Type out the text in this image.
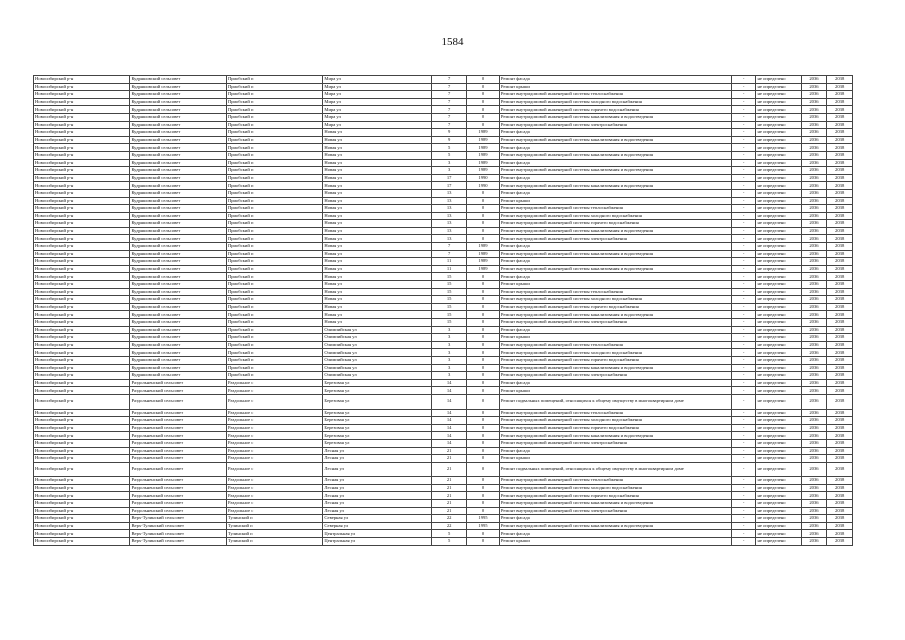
1584
Новосибирский р-н	Кудряшовский сельсовет	Приобский п	Мира ул	7	0	Ремонт фасада	-	не определено	2036	2038
Новосибирский р-н	Кудряшовский сельсовет	Приобский п	Мира ул	7	0	Ремонт крыши	-	не определено	2036	2038
Новосибирский р-н	Кудряшовский сельсовет	Приобский п	Мира ул	7	0	Ремонт внутридомовой инженерной системы теплоснабжения	-	не определено	2036	2038
Новосибирский р-н	Кудряшовский сельсовет	Приобский п	Мира ул	7	0	Ремонт внутридомовой инженерной системы холодного водоснабжения	-	не определено	2036	2038
Новосибирский р-н	Кудряшовский сельсовет	Приобский п	Мира ул	7	0	Ремонт внутридомовой инженерной системы горячего водоснабжения	-	не определено	2036	2038
Новосибирский р-н	Кудряшовский сельсовет	Приобский п	Мира ул	7	0	Ремонт внутридомовой инженерной системы канализования и водоотведения	-	не определено	2036	2038
Новосибирский р-н	Кудряшовский сельсовет	Приобский п	Мира ул	7	0	Ремонт внутридомовой инженерной системы электроснабжения	-	не определено	2036	2038
Новосибирский р-н	Кудряшовский сельсовет	Приобский п	Новая ул	9	1989	Ремонт фасада	-	не определено	2036	2038
Новосибирский р-н	Кудряшовский сельсовет	Приобский п	Новая ул	9	1989	Ремонт внутридомовой инженерной системы канализования и водоотведения	-	не определено	2036	2038
Новосибирский р-н	Кудряшовский сельсовет	Приобский п	Новая ул	5	1989	Ремонт фасада	-	не определено	2036	2038
Новосибирский р-н	Кудряшовский сельсовет	Приобский п	Новая ул	5	1989	Ремонт внутридомовой инженерной системы канализования и водоотведения	-	не определено	2036	2038
Новосибирский р-н	Кудряшовский сельсовет	Приобский п	Новая ул	3	1989	Ремонт фасада	-	не определено	2036	2038
Новосибирский р-н	Кудряшовский сельсовет	Приобский п	Новая ул	3	1989	Ремонт внутридомовой инженерной системы канализования и водоотведения	-	не определено	2036	2038
Новосибирский р-н	Кудряшовский сельсовет	Приобский п	Новая ул	17	1990	Ремонт фасада	-	не определено	2036	2038
Новосибирский р-н	Кудряшовский сельсовет	Приобский п	Новая ул	17	1990	Ремонт внутридомовой инженерной системы канализования и водоотведения	-	не определено	2036	2038
Новосибирский р-н	Кудряшовский сельсовет	Приобский п	Новая ул	13	0	Ремонт фасада	-	не определено	2036	2038
Новосибирский р-н	Кудряшовский сельсовет	Приобский п	Новая ул	13	0	Ремонт крыши	-	не определено	2036	2038
Новосибирский р-н	Кудряшовский сельсовет	Приобский п	Новая ул	13	0	Ремонт внутридомовой инженерной системы теплоснабжения	-	не определено	2036	2038
Новосибирский р-н	Кудряшовский сельсовет	Приобский п	Новая ул	13	0	Ремонт внутридомовой инженерной системы холодного водоснабжения	-	не определено	2036	2038
Новосибирский р-н	Кудряшовский сельсовет	Приобский п	Новая ул	13	0	Ремонт внутридомовой инженерной системы горячего водоснабжения	-	не определено	2036	2038
Новосибирский р-н	Кудряшовский сельсовет	Приобский п	Новая ул	13	0	Ремонт внутридомовой инженерной системы канализования и водоотведения	-	не определено	2036	2038
Новосибирский р-н	Кудряшовский сельсовет	Приобский п	Новая ул	13	0	Ремонт внутридомовой инженерной системы электроснабжения	-	не определено	2036	2038
Новосибирский р-н	Кудряшовский сельсовет	Приобский п	Новая ул	7	1989	Ремонт фасада	-	не определено	2036	2038
Новосибирский р-н	Кудряшовский сельсовет	Приобский п	Новая ул	7	1989	Ремонт внутридомовой инженерной системы канализования и водоотведения	-	не определено	2036	2038
Новосибирский р-н	Кудряшовский сельсовет	Приобский п	Новая ул	11	1989	Ремонт фасада	-	не определено	2036	2038
Новосибирский р-н	Кудряшовский сельсовет	Приобский п	Новая ул	11	1989	Ремонт внутридомовой инженерной системы канализования и водоотведения	-	не определено	2036	2038
Новосибирский р-н	Кудряшовский сельсовет	Приобский п	Новая ул	15	0	Ремонт фасада	-	не определено	2036	2038
Новосибирский р-н	Кудряшовский сельсовет	Приобский п	Новая ул	15	0	Ремонт крыши	-	не определено	2036	2038
Новосибирский р-н	Кудряшовский сельсовет	Приобский п	Новая ул	15	0	Ремонт внутридомовой инженерной системы теплоснабжения	-	не определено	2036	2038
Новосибирский р-н	Кудряшовский сельсовет	Приобский п	Новая ул	15	0	Ремонт внутридомовой инженерной системы холодного водоснабжения	-	не определено	2036	2038
Новосибирский р-н	Кудряшовский сельсовет	Приобский п	Новая ул	15	0	Ремонт внутридомовой инженерной системы горячего водоснабжения	-	не определено	2036	2038
Новосибирский р-н	Кудряшовский сельсовет	Приобский п	Новая ул	15	0	Ремонт внутридомовой инженерной системы канализования и водоотведения	-	не определено	2036	2038
Новосибирский р-н	Кудряшовский сельсовет	Приобский п	Новая ул	15	0	Ремонт внутридомовой инженерной системы электроснабжения	-	не определено	2036	2038
Новосибирский р-н	Кудряшовский сельсовет	Приобский п	Олимпийская ул	3	0	Ремонт фасада	-	не определено	2036	2038
Новосибирский р-н	Кудряшовский сельсовет	Приобский п	Олимпийская ул	3	0	Ремонт крыши	-	не определено	2036	2038
Новосибирский р-н	Кудряшовский сельсовет	Приобский п	Олимпийская ул	3	0	Ремонт внутридомовой инженерной системы теплоснабжения	-	не определено	2036	2038
Новосибирский р-н	Кудряшовский сельсовет	Приобский п	Олимпийская ул	3	0	Ремонт внутридомовой инженерной системы холодного водоснабжения	-	не определено	2036	2038
Новосибирский р-н	Кудряшовский сельсовет	Приобский п	Олимпийская ул	3	0	Ремонт внутридомовой инженерной системы горячего водоснабжения	-	не определено	2036	2038
Новосибирский р-н	Кудряшовский сельсовет	Приобский п	Олимпийская ул	3	0	Ремонт внутридомовой инженерной системы канализования и водоотведения	-	не определено	2036	2038
Новосибирский р-н	Кудряшовский сельсовет	Приобский п	Олимпийская ул	3	0	Ремонт внутридомовой инженерной системы электроснабжения	-	не определено	2036	2038
Новосибирский р-н	Раздольненский сельсовет	Раздольное с	Березовая ул	14	0	Ремонт фасада	-	не определено	2036	2038
Новосибирский р-н	Раздольненский сельсовет	Раздольное с	Березовая ул	14	0	Ремонт крыши	-	не определено	2036	2038
Новосибирский р-н	Раздольненский сельсовет	Раздольное с	Березовая ул	14	0	Ремонт подвальных помещений, относящихся к общему имуществу в многоквартирном доме	-	не определено	2036	2038
Новосибирский р-н	Раздольненский сельсовет	Раздольное с	Березовая ул	14	0	Ремонт внутридомовой инженерной системы теплоснабжения	-	не определено	2036	2038
Новосибирский р-н	Раздольненский сельсовет	Раздольное с	Березовая ул	14	0	Ремонт внутридомовой инженерной системы холодного водоснабжения	-	не определено	2036	2038
Новосибирский р-н	Раздольненский сельсовет	Раздольное с	Березовая ул	14	0	Ремонт внутридомовой инженерной системы горячего водоснабжения	-	не определено	2036	2038
Новосибирский р-н	Раздольненский сельсовет	Раздольное с	Березовая ул	14	0	Ремонт внутридомовой инженерной системы канализования и водоотведения	-	не определено	2036	2038
Новосибирский р-н	Раздольненский сельсовет	Раздольное с	Березовая ул	14	0	Ремонт внутридомовой инженерной системы электроснабжения	-	не определено	2036	2038
Новосибирский р-н	Раздольненский сельсовет	Раздольное с	Лесная ул	21	0	Ремонт фасада	-	не определено	2036	2038
Новосибирский р-н	Раздольненский сельсовет	Раздольное с	Лесная ул	21	0	Ремонт крыши	-	не определено	2036	2038
Новосибирский р-н	Раздольненский сельсовет	Раздольное с	Лесная ул	21	0	Ремонт подвальных помещений, относящихся к общему имуществу в многоквартирном доме	-	не определено	2036	2038
Новосибирский р-н	Раздольненский сельсовет	Раздольное с	Лесная ул	21	0	Ремонт внутридомовой инженерной системы теплоснабжения	-	не определено	2036	2038
Новосибирский р-н	Раздольненский сельсовет	Раздольное с	Лесная ул	21	0	Ремонт внутридомовой инженерной системы холодного водоснабжения	-	не определено	2036	2038
Новосибирский р-н	Раздольненский сельсовет	Раздольное с	Лесная ул	21	0	Ремонт внутридомовой инженерной системы горячего водоснабжения	-	не определено	2036	2038
Новосибирский р-н	Раздольненский сельсовет	Раздольное с	Лесная ул	21	0	Ремонт внутридомовой инженерной системы канализования и водоотведения	-	не определено	2036	2038
Новосибирский р-н	Раздольненский сельсовет	Раздольное с	Лесная ул	21	0	Ремонт внутридомовой инженерной системы электроснабжения	-	не определено	2036	2038
Новосибирский р-н	Верх-Тулинский сельсовет	Тулинский п	Северная ул	22	1995	Ремонт фасада	-	не определено	2036	2038
Новосибирский р-н	Верх-Тулинский сельсовет	Тулинский п	Северная ул	22	1995	Ремонт внутридомовой инженерной системы канализования и водоотведения	-	не определено	2036	2038
Новосибирский р-н	Верх-Тулинский сельсовет	Тулинский п	Центральная ул	5	0	Ремонт фасада	-	не определено	2036	2038
Новосибирский р-н	Верх-Тулинский сельсовет	Тулинский п	Центральная ул	5	0	Ремонт крыши	-	не определено	2036	2038
